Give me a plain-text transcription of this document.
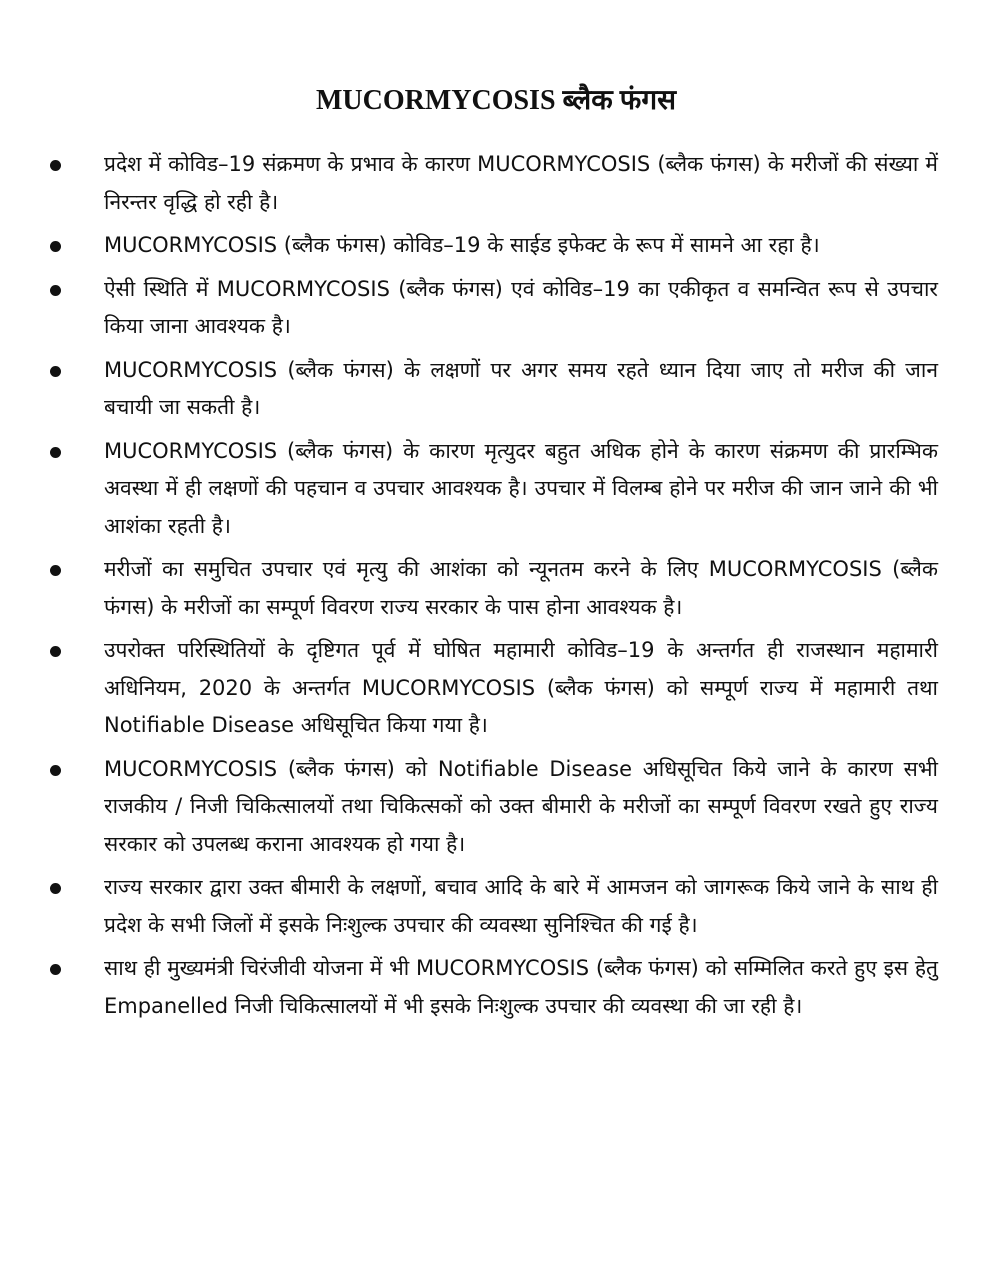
MUCORMYCOSIS ब्लैक फंगस
प्रदेश में कोविड–19 संक्रमण के प्रभाव के कारण MUCORMYCOSIS (ब्लैक फंगस) के मरीजों की संख्या में निरन्तर वृद्धि हो रही है।
MUCORMYCOSIS (ब्लैक फंगस) कोविड–19 के साईड इफेक्ट के रूप में सामने आ रहा है।
ऐसी स्थिति में MUCORMYCOSIS (ब्लैक फंगस) एवं कोविड–19 का एकीकृत व समन्वित रूप से उपचार किया जाना आवश्यक है।
MUCORMYCOSIS (ब्लैक फंगस) के लक्षणों पर अगर समय रहते ध्यान दिया जाए तो मरीज की जान बचायी जा सकती है।
MUCORMYCOSIS (ब्लैक फंगस) के कारण मृत्युदर बहुत अधिक होने के कारण संक्रमण की प्रारम्भिक अवस्था में ही लक्षणों की पहचान व उपचार आवश्यक है। उपचार में विलम्ब होने पर मरीज की जान जाने की भी आशंका रहती है।
मरीजों का समुचित उपचार एवं मृत्यु की आशंका को न्यूनतम करने के लिए MUCORMYCOSIS (ब्लैक फंगस) के मरीजों का सम्पूर्ण विवरण राज्य सरकार के पास होना आवश्यक है।
उपरोक्त परिस्थितियों के दृष्टिगत पूर्व में घोषित महामारी कोविड–19 के अन्तर्गत ही राजस्थान महामारी अधिनियम, 2020 के अन्तर्गत MUCORMYCOSIS (ब्लैक फंगस) को सम्पूर्ण राज्य में महामारी तथा Notifiable Disease अधिसूचित किया गया है।
MUCORMYCOSIS (ब्लैक फंगस) को Notifiable Disease अधिसूचित किये जाने के कारण सभी राजकीय / निजी चिकित्सालयों तथा चिकित्सकों को उक्त बीमारी के मरीजों का सम्पूर्ण विवरण रखते हुए राज्य सरकार को उपलब्ध कराना आवश्यक हो गया है।
राज्य सरकार द्वारा उक्त बीमारी के लक्षणों, बचाव आदि के बारे में आमजन को जागरूक किये जाने के साथ ही प्रदेश के सभी जिलों में इसके निःशुल्क उपचार की व्यवस्था सुनिश्चित की गई है।
साथ ही मुख्यमंत्री चिरंजीवी योजना में भी MUCORMYCOSIS (ब्लैक फंगस) को सम्मिलित करते हुए इस हेतु Empanelled निजी चिकित्सालयों में भी इसके निःशुल्क उपचार की व्यवस्था की जा रही है।
